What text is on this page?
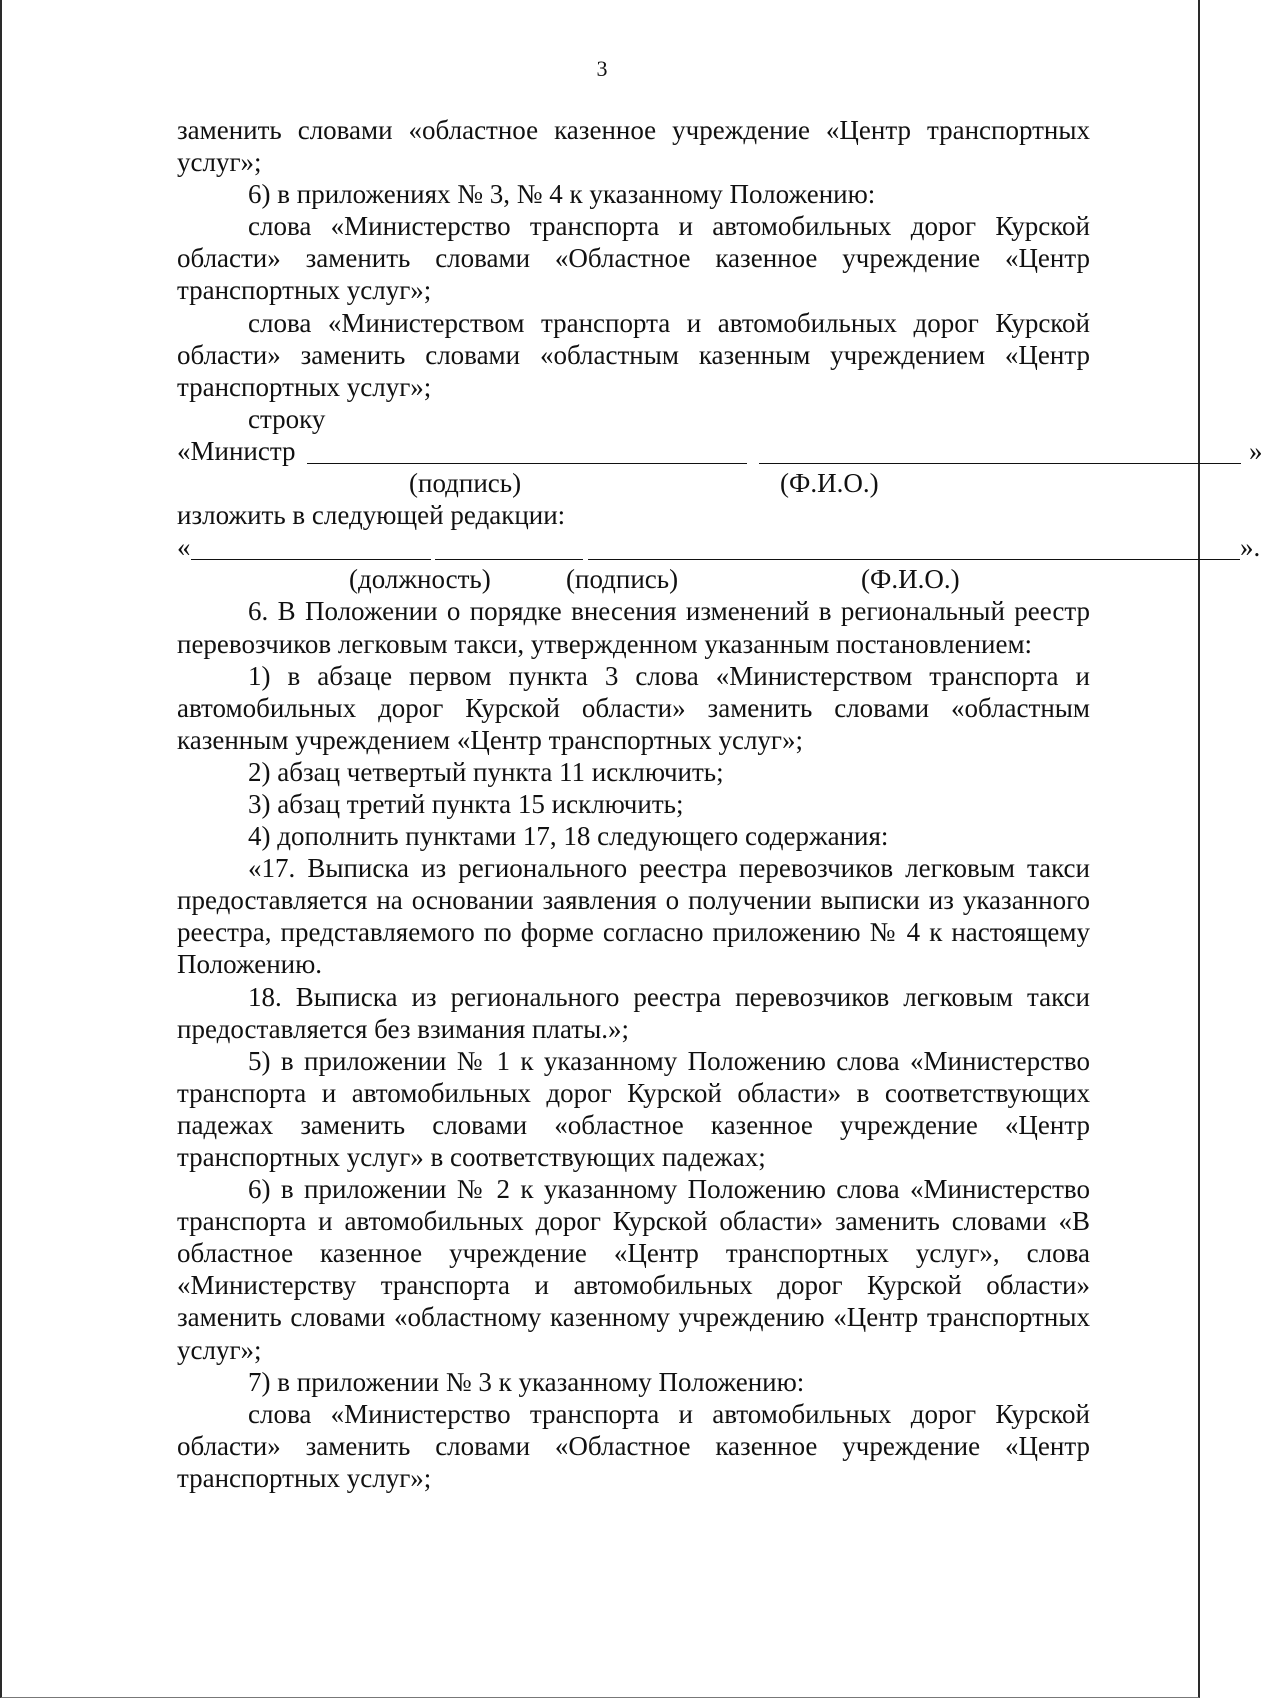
3

заменить словами «областное казенное учреждение «Центр транспортных услуг»;

6) в приложениях № 3, № 4 к указанному Положению:

слова «Министерство транспорта и автомобильных дорог Курской области» заменить словами «Областное казенное учреждение «Центр транспортных услуг»;

слова «Министерством транспорта и автомобильных дорог Курской области» заменить словами «областным казенным учреждением «Центр транспортных услуг»;

строку

«Министр	»
(подпись)	(Ф.И.О.)

изложить в следующей редакции:

«	».
(должность)	(подпись)	(Ф.И.О.)

6. В Положении о порядке внесения изменений в региональный реестр перевозчиков легковым такси, утвержденном указанным постановлением:

1) в абзаце первом пункта 3 слова «Министерством транспорта и автомобильных дорог Курской области» заменить словами «областным казенным учреждением «Центр транспортных услуг»;

2) абзац четвертый пункта 11 исключить;

3) абзац третий пункта 15 исключить;

4) дополнить пунктами 17, 18 следующего содержания:

«17. Выписка из регионального реестра перевозчиков легковым такси предоставляется на основании заявления о получении выписки из указанного реестра, представляемого по форме согласно приложению № 4 к настоящему Положению.

18. Выписка из регионального реестра перевозчиков легковым такси предоставляется без взимания платы.»;

5) в приложении № 1 к указанному Положению слова «Министерство транспорта и автомобильных дорог Курской области» в соответствующих падежах заменить словами «областное казенное учреждение «Центр транспортных услуг» в соответствующих падежах;

6) в приложении № 2 к указанному Положению слова «Министерство транспорта и автомобильных дорог Курской области» заменить словами «В областное казенное учреждение «Центр транспортных услуг», слова «Министерству транспорта и автомобильных дорог Курской области» заменить словами «областному казенному учреждению «Центр транспортных услуг»;

7) в приложении № 3 к указанному Положению:

слова «Министерство транспорта и автомобильных дорог Курской области» заменить словами «Областное казенное учреждение «Центр транспортных услуг»;
